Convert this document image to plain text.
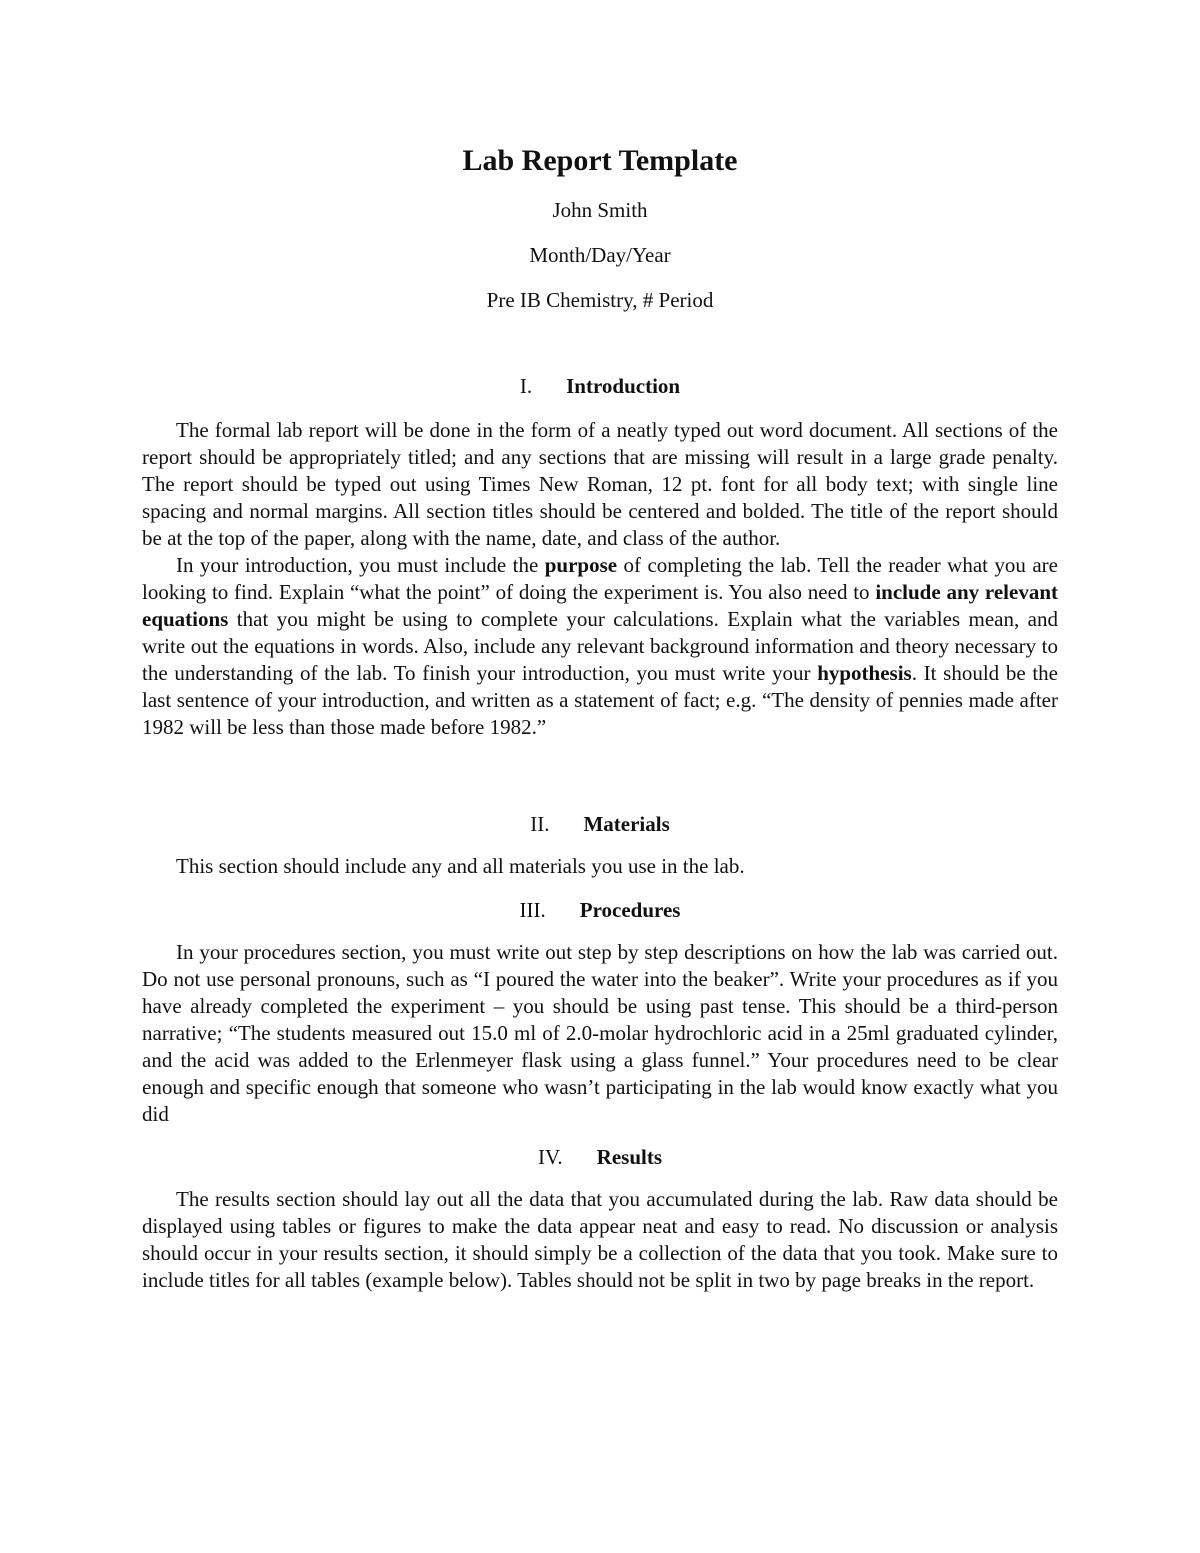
Lab Report Template
John Smith
Month/Day/Year
Pre IB Chemistry, # Period
I. Introduction

The formal lab report will be done in the form of a neatly typed out word document. All sections of the report should be appropriately titled; and any sections that are missing will result in a large grade penalty. The report should be typed out using Times New Roman, 12 pt. font for all body text; with single line spacing and normal margins. All section titles should be centered and bolded. The title of the report should be at the top of the paper, along with the name, date, and class of the author.

In your introduction, you must include the purpose of completing the lab. Tell the reader what you are looking to find. Explain “what the point” of doing the experiment is. You also need to include any relevant equations that you might be using to complete your calculations. Explain what the variables mean, and write out the equations in words. Also, include any relevant background information and theory necessary to the understanding of the lab. To finish your introduction, you must write your hypothesis. It should be the last sentence of your introduction, and written as a statement of fact; e.g. “The density of pennies made after 1982 will be less than those made before 1982.”

II. Materials

This section should include any and all materials you use in the lab.

III. Procedures

In your procedures section, you must write out step by step descriptions on how the lab was carried out. Do not use personal pronouns, such as “I poured the water into the beaker”. Write your procedures as if you have already completed the experiment – you should be using past tense. This should be a third-person narrative; “The students measured out 15.0 ml of 2.0-molar hydrochloric acid in a 25ml graduated cylinder, and the acid was added to the Erlenmeyer flask using a glass funnel.” Your procedures need to be clear enough and specific enough that someone who wasn’t participating in the lab would know exactly what you did

IV. Results

The results section should lay out all the data that you accumulated during the lab. Raw data should be displayed using tables or figures to make the data appear neat and easy to read. No discussion or analysis should occur in your results section, it should simply be a collection of the data that you took. Make sure to include titles for all tables (example below). Tables should not be split in two by page breaks in the report.
